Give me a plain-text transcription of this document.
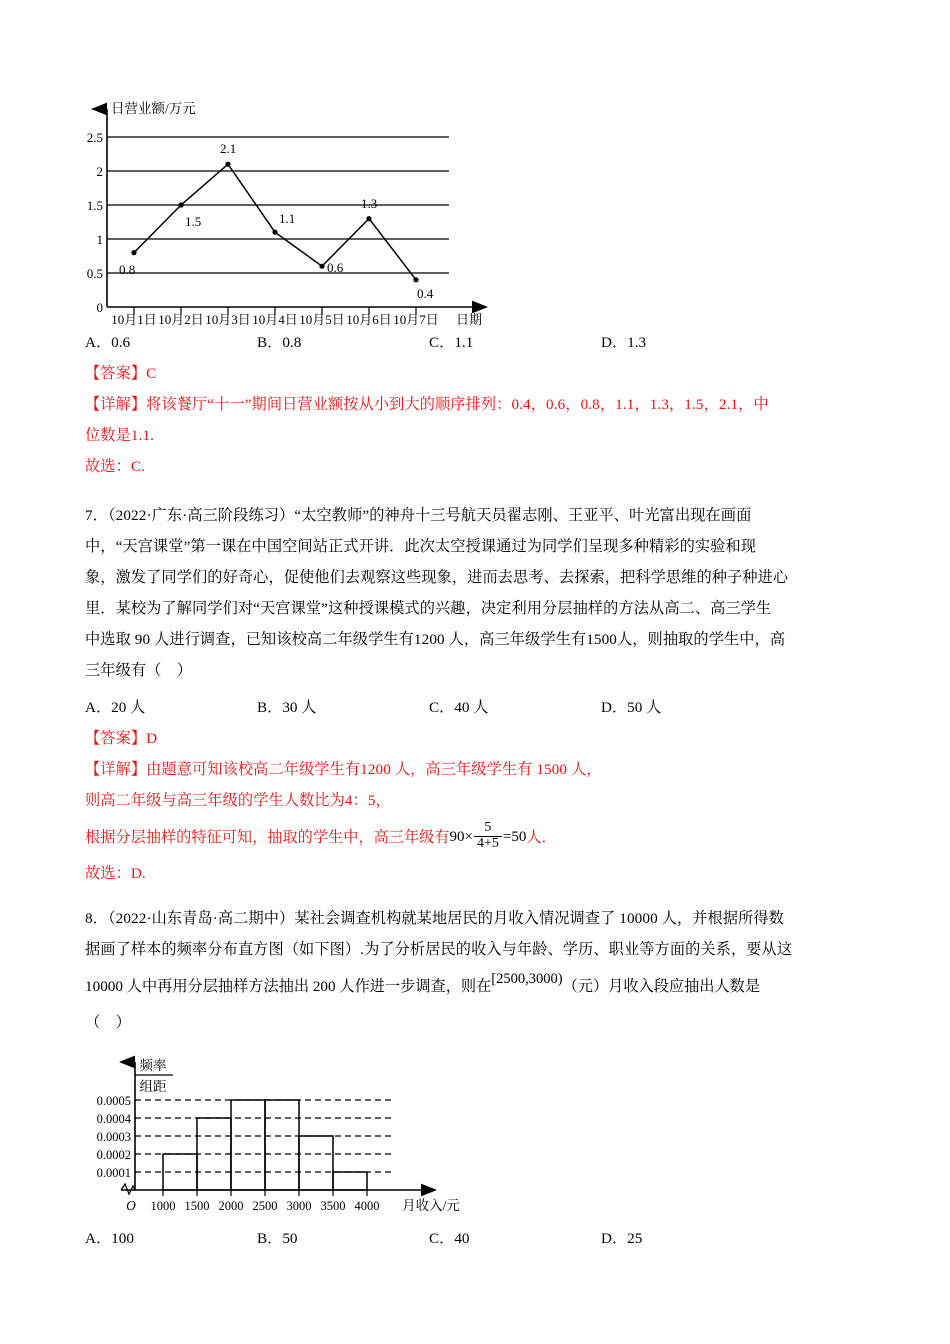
日营业额/万元
2.5
2
1.5
1
0.5
0
0.8
1.5
2.1
1.1
0.6
1.3
0.4
10月1日 10月2日 10月3日 10月4日 10月5日 10月6日 10月7日 日期
A．0.6	B．0.8	C．1.1	D．1.3
【答案】C
【详解】将该餐厅“十一”期间日营业额按从小到大的顺序排列：0.4，0.6，0.8，1.1，1.3，1.5，2.1，中
位数是1.1.
故选：C.
7．（2022·广东·高三阶段练习）“太空教师”的神舟十三号航天员翟志刚、王亚平、叶光富出现在画面
中，“天宫课堂”第一课在中国空间站正式开讲．此次太空授课通过为同学们呈现多种精彩的实验和现
象，激发了同学们的好奇心，促使他们去观察这些现象，进而去思考、去探索，把科学思维的种子种进心
里．某校为了解同学们对“天宫课堂”这种授课模式的兴趣，决定利用分层抽样的方法从高二、高三学生
中选取 90 人进行调查，已知该校高二年级学生有1200 人，高三年级学生有1500人，则抽取的学生中，高
三年级有（　）
A．20 人	B．30 人	C．40 人	D．50 人
【答案】D
【详解】由题意可知该校高二年级学生有1200 人，高三年级学生有 1500 人，
则高二年级与高三年级的学生人数比为4：5，
根据分层抽样的特征可知，抽取的学生中，高三年级有 $90\times \frac{5}{4+5} =50$ 人．
故选：D.
8．（2022·山东青岛·高二期中）某社会调查机构就某地居民的月收入情况调查了 10000 人，并根据所得数
据画了样本的频率分布直方图（如下图）.为了分析居民的收入与年龄、学历、职业等方面的关系，要从这
10000 人中再用分层抽样方法抽出 200 人作进一步调查，则在 [2500,3000) （元）月收入段应抽出人数是
（　）
频率
组距
0.0005
0.0004
0.0003
0.0002
0.0001
O 1000 1500 2000 2500 3000 3500 4000 月收入/元
A．100	B．50	C．40	D．25
